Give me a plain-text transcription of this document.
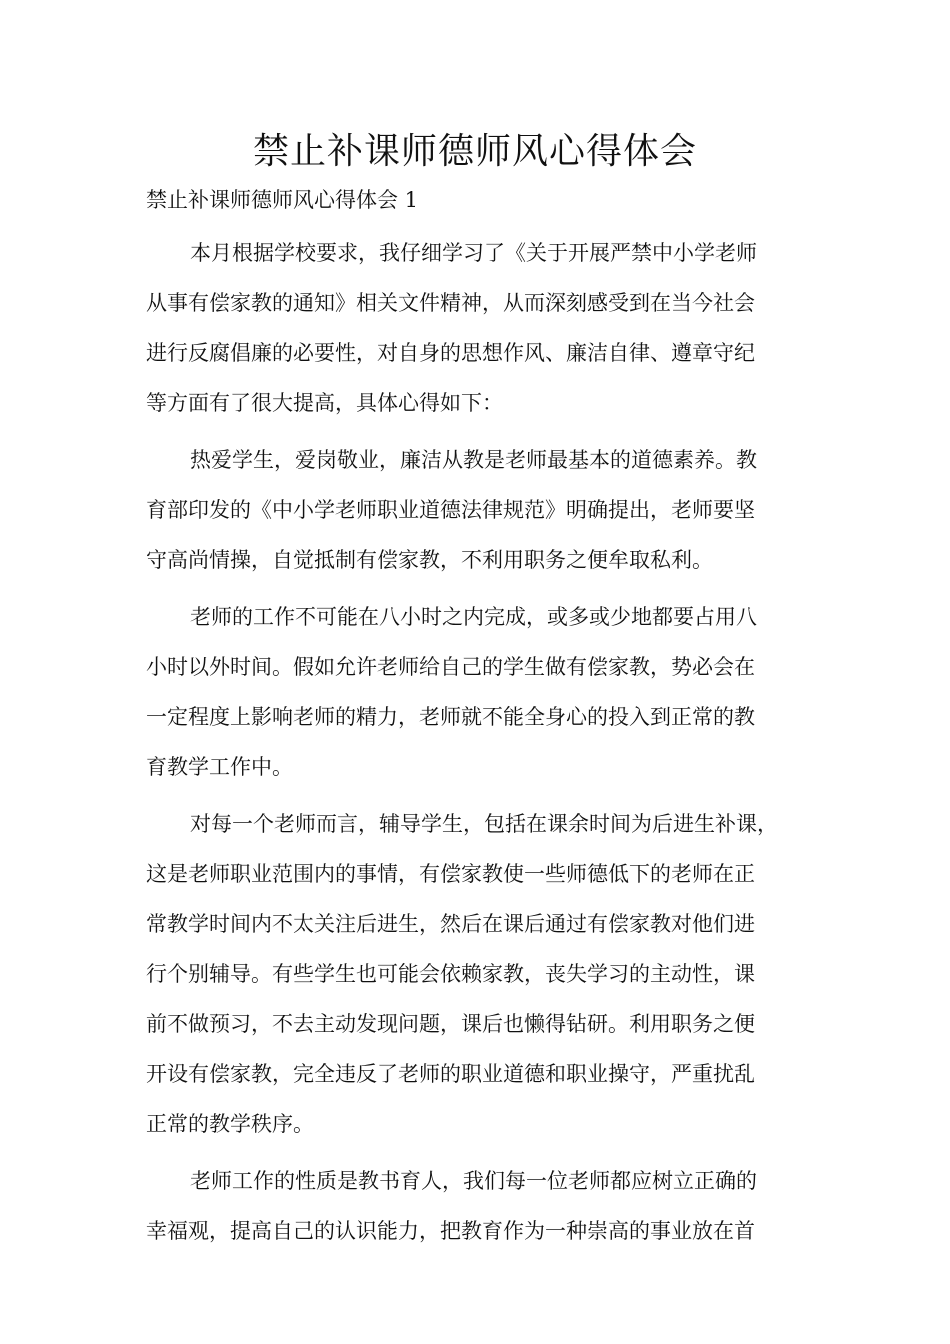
禁止补课师德师风心得体会

禁止补课师德师风心得体会 1

本月根据学校要求，我仔细学习了《关于开展严禁中小学老师
从事有偿家教的通知》相关文件精神，从而深刻感受到在当今社会
进行反腐倡廉的必要性，对自身的思想作风、廉洁自律、遵章守纪
等方面有了很大提高，具体心得如下：

热爱学生，爱岗敬业，廉洁从教是老师最基本的道德素养。教
育部印发的《中小学老师职业道德法律规范》明确提出，老师要坚
守高尚情操，自觉抵制有偿家教，不利用职务之便牟取私利。

老师的工作不可能在八小时之内完成，或多或少地都要占用八
小时以外时间。假如允许老师给自己的学生做有偿家教，势必会在
一定程度上影响老师的精力，老师就不能全身心的投入到正常的教
育教学工作中。

对每一个老师而言，辅导学生，包括在课余时间为后进生补课，
这是老师职业范围内的事情，有偿家教使一些师德低下的老师在正
常教学时间内不太关注后进生，然后在课后通过有偿家教对他们进
行个别辅导。有些学生也可能会依赖家教，丧失学习的主动性，课
前不做预习，不去主动发现问题，课后也懒得钻研。利用职务之便
开设有偿家教，完全违反了老师的职业道德和职业操守，严重扰乱
正常的教学秩序。

老师工作的性质是教书育人，我们每一位老师都应树立正确的
幸福观，提高自己的认识能力，把教育作为一种崇高的事业放在首
